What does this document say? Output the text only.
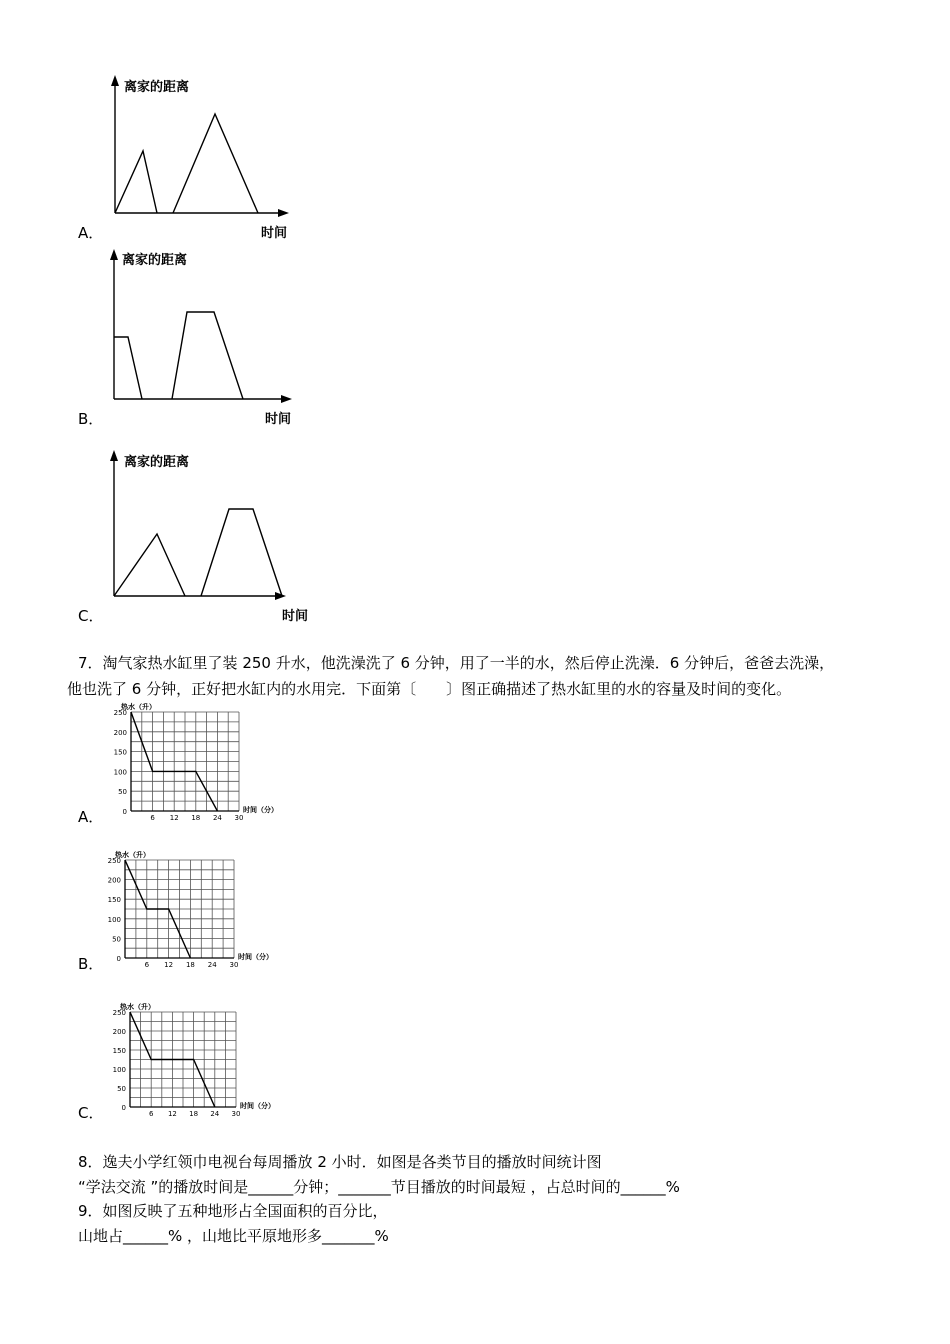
离家的距离
时间
A．
离家的距离
时间
B．
离家的距离
时间
C．
7．淘气家热水缸里了装 250 升水，他洗澡洗了 6 分钟，用了一半的水，然后停止洗澡．6 分钟后，爸爸去洗澡，
他也洗了 6 分钟，正好把水缸内的水用完．下面第〔　　〕图正确描述了热水缸里的水的容量及时间的变化。
0
50
100
150
200
250
6 12 18 24 30
热水（升）
时间（分）
A．
0
50
100
150
200
250
6 12 18 24 30
热水（升）
时间（分）
B．
0
50
100
150
200
250
6 12 18 24 30
热水（升）
时间（分）
C．
8．逸夫小学红领巾电视台每周播放 2 小时．如图是各类节目的播放时间统计图
“学法交流 ”的播放时间是______分钟；_______节目播放的时间最短 ，占总时间的______%
9．如图反映了五种地形占全国面积的百分比，
山地占______% ，山地比平原地形多_______%
